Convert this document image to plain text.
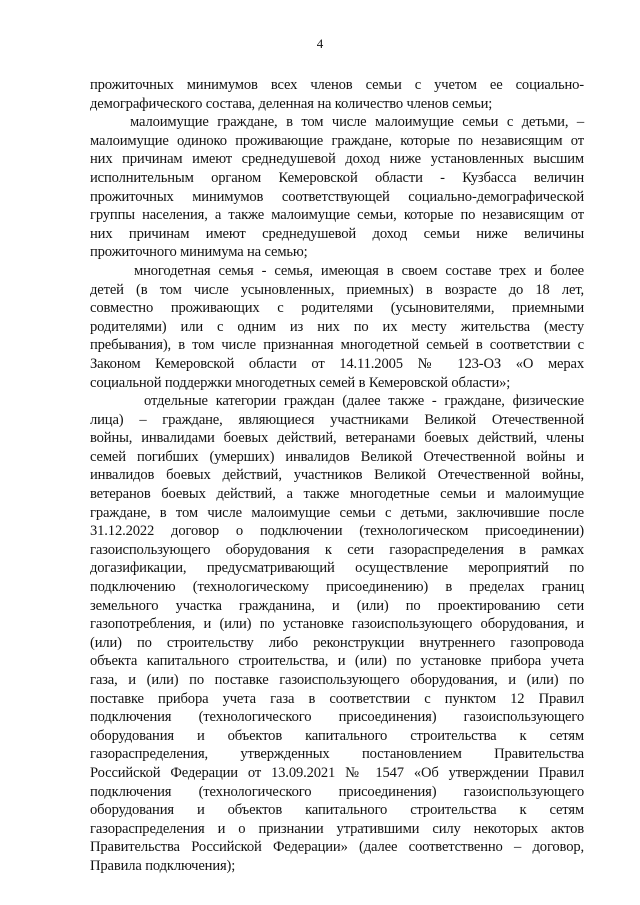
4
прожиточных минимумов всех членов семьи с учетом ее социально-
демографического состава, деленная на количество членов семьи;
малоимущие граждане, в том числе малоимущие семьи с детьми, –
малоимущие одиноко проживающие граждане, которые по независящим от
них причинам имеют среднедушевой доход ниже установленных высшим
исполнительным органом Кемеровской области - Кузбасса величин
прожиточных минимумов соответствующей социально-демографической
группы населения, а также малоимущие семьи, которые по независящим от
них причинам имеют среднедушевой доход семьи ниже величины
прожиточного минимума на семью;
многодетная семья - семья, имеющая в своем составе трех и более
детей (в том числе усыновленных, приемных) в возрасте до 18 лет,
совместно проживающих с родителями (усыновителями, приемными
родителями) или с одним из них по их месту жительства (месту
пребывания), в том числе признанная многодетной семьей в соответствии с
Законом Кемеровской области от 14.11.2005 № 123-ОЗ «О мерах
социальной поддержки многодетных семей в Кемеровской области»;
отдельные категории граждан (далее также - граждане, физические
лица) – граждане, являющиеся участниками Великой Отечественной
войны, инвалидами боевых действий, ветеранами боевых действий, члены
семей погибших (умерших) инвалидов Великой Отечественной войны и
инвалидов боевых действий, участников Великой Отечественной войны,
ветеранов боевых действий, а также многодетные семьи и малоимущие
граждане, в том числе малоимущие семьи с детьми, заключившие после
31.12.2022 договор о подключении (технологическом присоединении)
газоиспользующего оборудования к сети газораспределения в рамках
догазификации, предусматривающий осуществление мероприятий по
подключению (технологическому присоединению) в пределах границ
земельного участка гражданина, и (или) по проектированию сети
газопотребления, и (или) по установке газоиспользующего оборудования, и
(или) по строительству либо реконструкции внутреннего газопровода
объекта капитального строительства, и (или) по установке прибора учета
газа, и (или) по поставке газоиспользующего оборудования, и (или) по
поставке прибора учета газа в соответствии с пунктом 12 Правил
подключения (технологического присоединения) газоиспользующего
оборудования и объектов капитального строительства к сетям
газораспределения, утвержденных постановлением Правительства
Российской Федерации от 13.09.2021 № 1547 «Об утверждении Правил
подключения (технологического присоединения) газоиспользующего
оборудования и объектов капитального строительства к сетям
газораспределения и о признании утратившими силу некоторых актов
Правительства Российской Федерации» (далее соответственно – договор,
Правила подключения);
